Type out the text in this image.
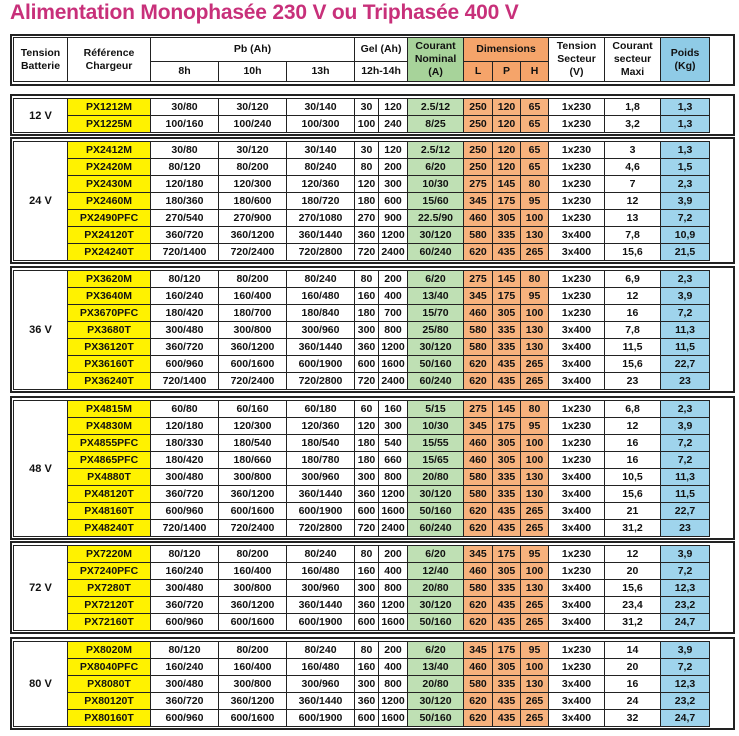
Alimentation Monophasée 230 V ou Triphasée 400 V
Tension Batterie	Référence Chargeur	Pb (Ah)			Gel (Ah)	Courant Nominal (A)	Dimensions			Tension Secteur (V)	Courant secteur Maxi	Poids (Kg)
		8h	10h	13h	12h-14h		L	P	H			
12 V	PX1212M	30/80	30/120	30/140	30	120	2.5/12	250	120	65	1x230	1,8	1,3
	PX1225M	100/160	100/240	100/300	100	240	8/25	250	120	65	1x230	3,2	1,3
24 V	PX2412M	30/80	30/120	30/140	30	120	2.5/12	250	120	65	1x230	3	1,3
	PX2420M	80/120	80/200	80/240	80	200	6/20	250	120	65	1x230	4,6	1,5
	PX2430M	120/180	120/300	120/360	120	300	10/30	275	145	80	1x230	7	2,3
	PX2460M	180/360	180/600	180/720	180	600	15/60	345	175	95	1x230	12	3,9
	PX2490PFC	270/540	270/900	270/1080	270	900	22.5/90	460	305	100	1x230	13	7,2
	PX24120T	360/720	360/1200	360/1440	360	1200	30/120	580	335	130	3x400	7,8	10,9
	PX24240T	720/1400	720/2400	720/2800	720	2400	60/240	620	435	265	3x400	15,6	21,5
36 V	PX3620M	80/120	80/200	80/240	80	200	6/20	275	145	80	1x230	6,9	2,3
	PX3640M	160/240	160/400	160/480	160	400	13/40	345	175	95	1x230	12	3,9
	PX3670PFC	180/420	180/700	180/840	180	700	15/70	460	305	100	1x230	16	7,2
	PX3680T	300/480	300/800	300/960	300	800	25/80	580	335	130	3x400	7,8	11,3
	PX36120T	360/720	360/1200	360/1440	360	1200	30/120	580	335	130	3x400	11,5	11,5
	PX36160T	600/960	600/1600	600/1900	600	1600	50/160	620	435	265	3x400	15,6	22,7
	PX36240T	720/1400	720/2400	720/2800	720	2400	60/240	620	435	265	3x400	23	23
48 V	PX4815M	60/80	60/160	60/180	60	160	5/15	275	145	80	1x230	6,8	2,3
	PX4830M	120/180	120/300	120/360	120	300	10/30	345	175	95	1x230	12	3,9
	PX4855PFC	180/330	180/540	180/540	180	540	15/55	460	305	100	1x230	16	7,2
	PX4865PFC	180/420	180/660	180/780	180	660	15/65	460	305	100	1x230	16	7,2
	PX4880T	300/480	300/800	300/960	300	800	20/80	580	335	130	3x400	10,5	11,3
	PX48120T	360/720	360/1200	360/1440	360	1200	30/120	580	335	130	3x400	15,6	11,5
	PX48160T	600/960	600/1600	600/1900	600	1600	50/160	620	435	265	3x400	21	22,7
	PX48240T	720/1400	720/2400	720/2800	720	2400	60/240	620	435	265	3x400	31,2	23
72 V	PX7220M	80/120	80/200	80/240	80	200	6/20	345	175	95	1x230	12	3,9
	PX7240PFC	160/240	160/400	160/480	160	400	12/40	460	305	100	1x230	20	7,2
	PX7280T	300/480	300/800	300/960	300	800	20/80	580	335	130	3x400	15,6	12,3
	PX72120T	360/720	360/1200	360/1440	360	1200	30/120	620	435	265	3x400	23,4	23,2
	PX72160T	600/960	600/1600	600/1900	600	1600	50/160	620	435	265	3x400	31,2	24,7
80 V	PX8020M	80/120	80/200	80/240	80	200	6/20	345	175	95	1x230	14	3,9
	PX8040PFC	160/240	160/400	160/480	160	400	13/40	460	305	100	1x230	20	7,2
	PX8080T	300/480	300/800	300/960	300	800	20/80	580	335	130	3x400	16	12,3
	PX80120T	360/720	360/1200	360/1440	360	1200	30/120	620	435	265	3x400	24	23,2
	PX80160T	600/960	600/1600	600/1900	600	1600	50/160	620	435	265	3x400	32	24,7
